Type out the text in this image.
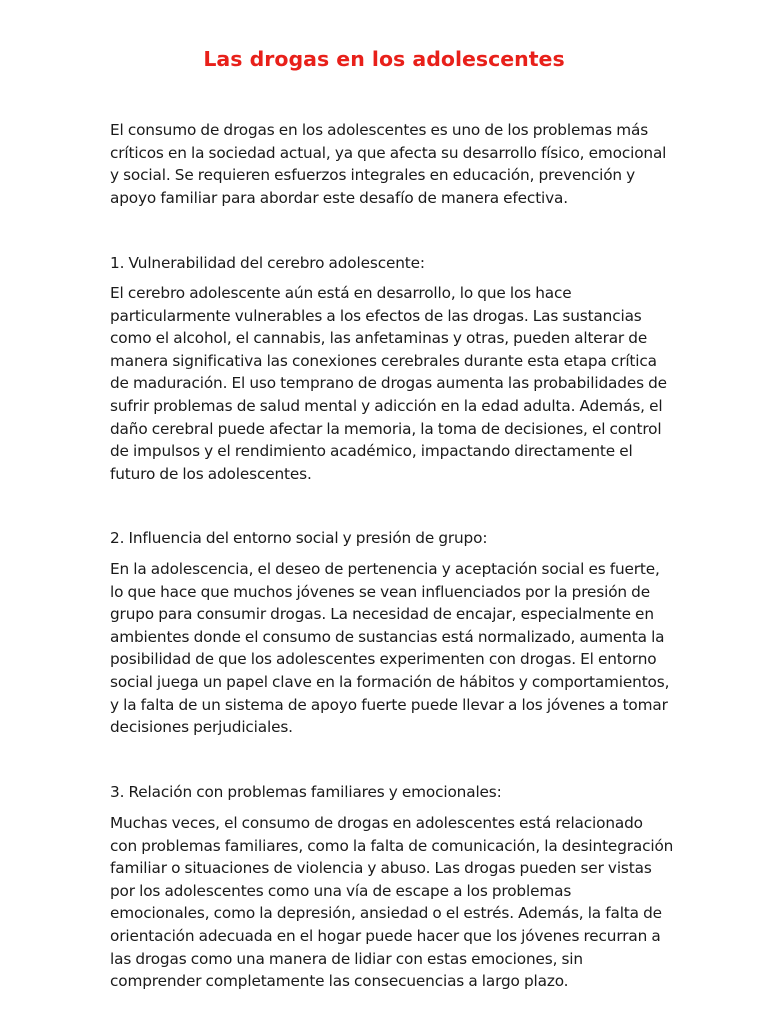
Las drogas en los adolescentes

El consumo de drogas en los adolescentes es uno de los problemas más
críticos en la sociedad actual, ya que afecta su desarrollo físico, emocional
y social. Se requieren esfuerzos integrales en educación, prevención y
apoyo familiar para abordar este desafío de manera efectiva.

1. Vulnerabilidad del cerebro adolescente:

El cerebro adolescente aún está en desarrollo, lo que los hace
particularmente vulnerables a los efectos de las drogas. Las sustancias
como el alcohol, el cannabis, las anfetaminas y otras, pueden alterar de
manera significativa las conexiones cerebrales durante esta etapa crítica
de maduración. El uso temprano de drogas aumenta las probabilidades de
sufrir problemas de salud mental y adicción en la edad adulta. Además, el
daño cerebral puede afectar la memoria, la toma de decisiones, el control
de impulsos y el rendimiento académico, impactando directamente el
futuro de los adolescentes.

2. Influencia del entorno social y presión de grupo:

En la adolescencia, el deseo de pertenencia y aceptación social es fuerte,
lo que hace que muchos jóvenes se vean influenciados por la presión de
grupo para consumir drogas. La necesidad de encajar, especialmente en
ambientes donde el consumo de sustancias está normalizado, aumenta la
posibilidad de que los adolescentes experimenten con drogas. El entorno
social juega un papel clave en la formación de hábitos y comportamientos,
y la falta de un sistema de apoyo fuerte puede llevar a los jóvenes a tomar
decisiones perjudiciales.

3. Relación con problemas familiares y emocionales:

Muchas veces, el consumo de drogas en adolescentes está relacionado
con problemas familiares, como la falta de comunicación, la desintegración
familiar o situaciones de violencia y abuso. Las drogas pueden ser vistas
por los adolescentes como una vía de escape a los problemas
emocionales, como la depresión, ansiedad o el estrés. Además, la falta de
orientación adecuada en el hogar puede hacer que los jóvenes recurran a
las drogas como una manera de lidiar con estas emociones, sin
comprender completamente las consecuencias a largo plazo.
